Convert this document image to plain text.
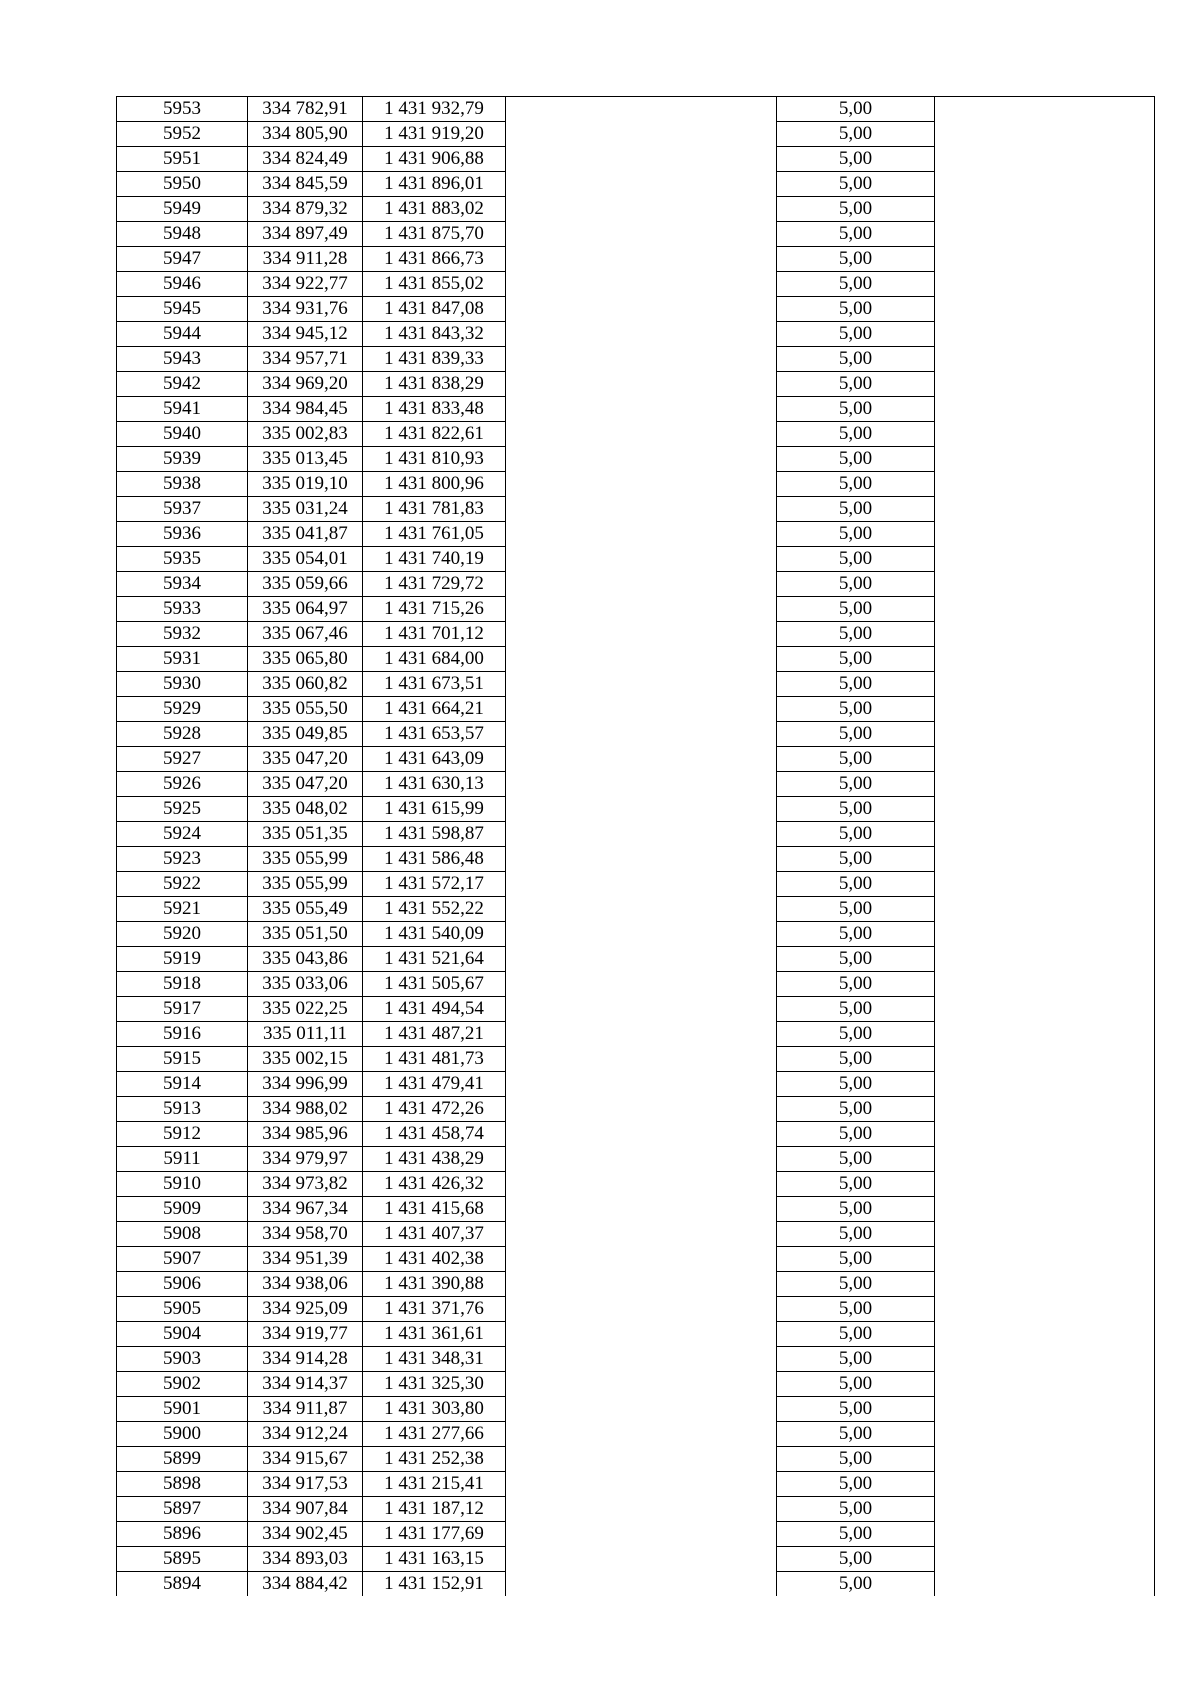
5953	334 782,91	1 431 932,79		5,00	
5952	334 805,90	1 431 919,20		5,00	
5951	334 824,49	1 431 906,88		5,00	
5950	334 845,59	1 431 896,01		5,00	
5949	334 879,32	1 431 883,02		5,00	
5948	334 897,49	1 431 875,70		5,00	
5947	334 911,28	1 431 866,73		5,00	
5946	334 922,77	1 431 855,02		5,00	
5945	334 931,76	1 431 847,08		5,00	
5944	334 945,12	1 431 843,32		5,00	
5943	334 957,71	1 431 839,33		5,00	
5942	334 969,20	1 431 838,29		5,00	
5941	334 984,45	1 431 833,48		5,00	
5940	335 002,83	1 431 822,61		5,00	
5939	335 013,45	1 431 810,93		5,00	
5938	335 019,10	1 431 800,96		5,00	
5937	335 031,24	1 431 781,83		5,00	
5936	335 041,87	1 431 761,05		5,00	
5935	335 054,01	1 431 740,19		5,00	
5934	335 059,66	1 431 729,72		5,00	
5933	335 064,97	1 431 715,26		5,00	
5932	335 067,46	1 431 701,12		5,00	
5931	335 065,80	1 431 684,00		5,00	
5930	335 060,82	1 431 673,51		5,00	
5929	335 055,50	1 431 664,21		5,00	
5928	335 049,85	1 431 653,57		5,00	
5927	335 047,20	1 431 643,09		5,00	
5926	335 047,20	1 431 630,13		5,00	
5925	335 048,02	1 431 615,99		5,00	
5924	335 051,35	1 431 598,87		5,00	
5923	335 055,99	1 431 586,48		5,00	
5922	335 055,99	1 431 572,17		5,00	
5921	335 055,49	1 431 552,22		5,00	
5920	335 051,50	1 431 540,09		5,00	
5919	335 043,86	1 431 521,64		5,00	
5918	335 033,06	1 431 505,67		5,00	
5917	335 022,25	1 431 494,54		5,00	
5916	335 011,11	1 431 487,21		5,00	
5915	335 002,15	1 431 481,73		5,00	
5914	334 996,99	1 431 479,41		5,00	
5913	334 988,02	1 431 472,26		5,00	
5912	334 985,96	1 431 458,74		5,00	
5911	334 979,97	1 431 438,29		5,00	
5910	334 973,82	1 431 426,32		5,00	
5909	334 967,34	1 431 415,68		5,00	
5908	334 958,70	1 431 407,37		5,00	
5907	334 951,39	1 431 402,38		5,00	
5906	334 938,06	1 431 390,88		5,00	
5905	334 925,09	1 431 371,76		5,00	
5904	334 919,77	1 431 361,61		5,00	
5903	334 914,28	1 431 348,31		5,00	
5902	334 914,37	1 431 325,30		5,00	
5901	334 911,87	1 431 303,80		5,00	
5900	334 912,24	1 431 277,66		5,00	
5899	334 915,67	1 431 252,38		5,00	
5898	334 917,53	1 431 215,41		5,00	
5897	334 907,84	1 431 187,12		5,00	
5896	334 902,45	1 431 177,69		5,00	
5895	334 893,03	1 431 163,15		5,00	
5894	334 884,42	1 431 152,91		5,00	
